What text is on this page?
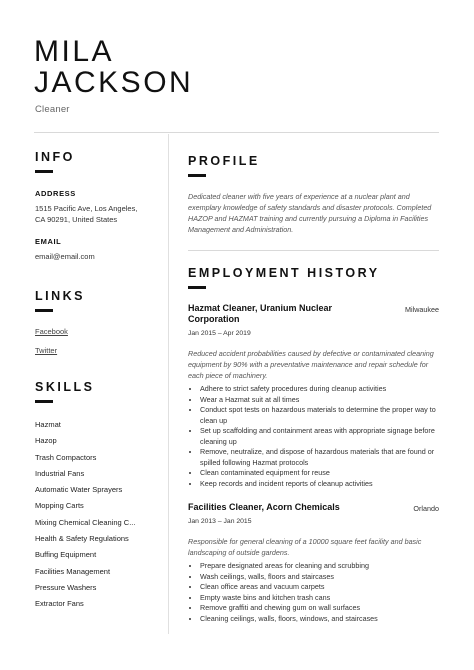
MILA
JACKSON
Cleaner
INFO
ADDRESS
1515 Pacific Ave, Los Angeles,
CA 90291, United States
EMAIL
email@email.com
LINKS
Facebook
Twitter
SKILLS
Hazmat
Hazop
Trash Compactors
Industrial Fans
Automatic Water Sprayers
Mopping Carts
Mixing Chemical Cleaning C...
Health & Safety Regulations
Buffing Equipment
Facilities Management
Pressure Washers
Extractor Fans
PROFILE

Dedicated cleaner with five years of experience at a nuclear plant and exemplary knowledge of safety standards and disaster protocols. Completed HAZOP and HAZMAT training and currently pursuing a Diploma in Facilities Management and Administration.

EMPLOYMENT HISTORY
Hazmat Cleaner, Uranium Nuclear Corporation
Milwaukee
Jan 2015 – Apr 2019

Reduced accident probabilities caused by defective or contaminated cleaning equipment by 90% with a preventative maintenance and repair schedule for each piece of machinery.

• Adhere to strict safety procedures during cleanup activities
• Wear a Hazmat suit at all times
• Conduct spot tests on hazardous materials to determine the proper way to clean up
• Set up scaffolding and containment areas with appropriate signage before cleaning up
• Remove, neutralize, and dispose of hazardous materials that are found or spilled following Hazmat protocols
• Clean contaminated equipment for reuse
• Keep records and incident reports of cleanup activities
Facilities Cleaner, Acorn Chemicals	Orlando
Jan 2013 – Jan 2015

Responsible for general cleaning of a 10000 square feet facility and basic landscaping of outside gardens.

• Prepare designated areas for cleaning and scrubbing
• Wash ceilings, walls, floors and staircases
• Clean office areas and vacuum carpets
• Empty waste bins and kitchen trash cans
• Remove graffiti and chewing gum on wall surfaces
• Cleaning ceilings, walls, floors, windows, and staircases
